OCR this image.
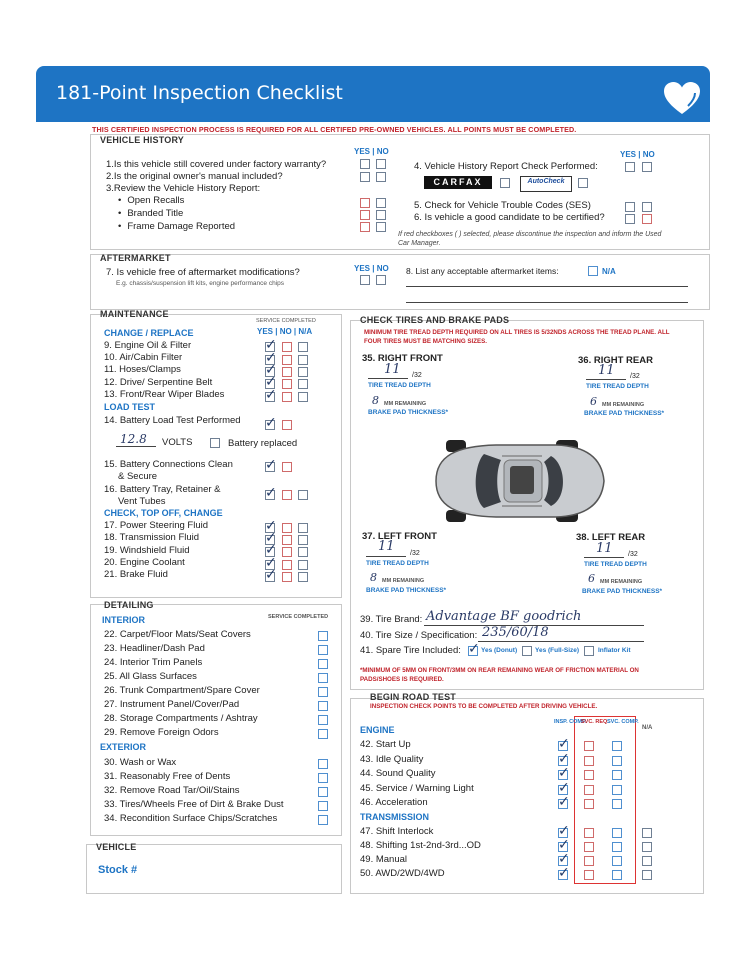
181-Point Inspection Checklist
THIS CERTIFIED INSPECTION PROCESS IS REQUIRED FOR ALL CERTIFED PRE-OWNED VEHICLES. ALL POINTS MUST BE COMPLETED.
VEHICLE HISTORY
YES | NO	YES | NO
1.Is this vehicle still covered under factory warranty?
2.Is the original owner's manual included?
3.Review the Vehicle History Report:
• Open Recalls
• Branded Title
• Frame Damage Reported
4. Vehicle History Report Check Performed:
CARFAX	AutoCheck
5. Check for Vehicle Trouble Codes (SES)
6. Is vehicle a good candidate to be certified?
If red checkboxes ( ) selected, please discontinue the inspection and inform the Used Car Manager.
AFTERMARKET
7. Is vehicle free of aftermarket modifications?
E.g. chassis/suspension lift kits, engine performance chips
YES | NO 8. List any acceptable aftermarket items:	N/A
MAINTENANCE
SERVICE COMPLETED
CHANGE / REPLACE	YES | NO | N/A
9. Engine Oil & Filter
10. Air/Cabin Filter
11. Hoses/Clamps
12. Drive/ Serpentine Belt
13. Front/Rear Wiper Blades
✓
✓
✓
✓
✓
LOAD TEST
14. Battery Load Test Performed
✓
12.8 VOLTS	Battery replaced
15. Battery Connections Clean
& Secure
✓
16. Battery Tray, Retainer &
Vent Tubes
✓
CHECK, TOP OFF, CHANGE
17. Power Steering Fluid
18. Transmission Fluid
19. Windshield Fluid
20. Engine Coolant
21. Brake Fluid
✓
✓
✓
✓
✓
CHECK TIRES AND BRAKE PADS
MINIMUM TIRE TREAD DEPTH REQUIRED ON ALL TIRES IS 5/32NDS ACROSS THE TREAD PLANE. ALL FOUR TIRES MUST BE MATCHING SIZES.
35. RIGHT FRONT
11 /32
TIRE TREAD DEPTH
8 MM REMAINING
BRAKE PAD THICKNESS*
36. RIGHT REAR
11 /32
TIRE TREAD DEPTH
6 MM REMAINING
BRAKE PAD THICKNESS*
37. LEFT FRONT
11 /32
TIRE TREAD DEPTH
8 MM REMAINING
BRAKE PAD THICKNESS*
38. LEFT REAR
11 /32
TIRE TREAD DEPTH
6 MM REMAINING
BRAKE PAD THICKNESS*
39. Tire Brand: Advantage BF goodrich
40. Tire Size / Specification: 235/60/18
41. Spare Tire Included:
✓	Yes (Donut)	Yes (Full-Size)	Inflator Kit
*MINIMUM OF 5MM ON FRONT/3MM ON REAR REMAINING WEAR OF FRICTION MATERIAL ON PADS/SHOES IS REQUIRED.
DETAILING
SERVICE COMPLETED
INTERIOR
EXTERIOR
22. Carpet/Floor Mats/Seat Covers
23. Headliner/Dash Pad
24. Interior Trim Panels
25. All Glass Surfaces
26. Trunk Compartment/Spare Cover
27. Instrument Panel/Cover/Pad
28. Storage Compartments / Ashtray
29. Remove Foreign Odors
30. Wash or Wax
31. Reasonably Free of Dents
32. Remove Road Tar/Oil/Stains
33. Tires/Wheels Free of Dirt & Brake Dust
34. Recondition Surface Chips/Scratches
BEGIN ROAD TEST
INSPECTION CHECK POINTS TO BE COMPLETED AFTER DRIVING VEHICLE.
INSP. COMP.
SVC. REQ.
SVC. COMP.
N/A
ENGINE
42. Start Up
✓
43. Idle Quality
✓
44. Sound Quality
✓
45. Service / Warning Light
✓
46. Acceleration
✓
TRANSMISSION
47. Shift Interlock
✓
48. Shifting 1st-2nd-3rd...OD
✓
49. Manual
✓
50. AWD/2WD/4WD
✓
VEHICLE
Stock #
